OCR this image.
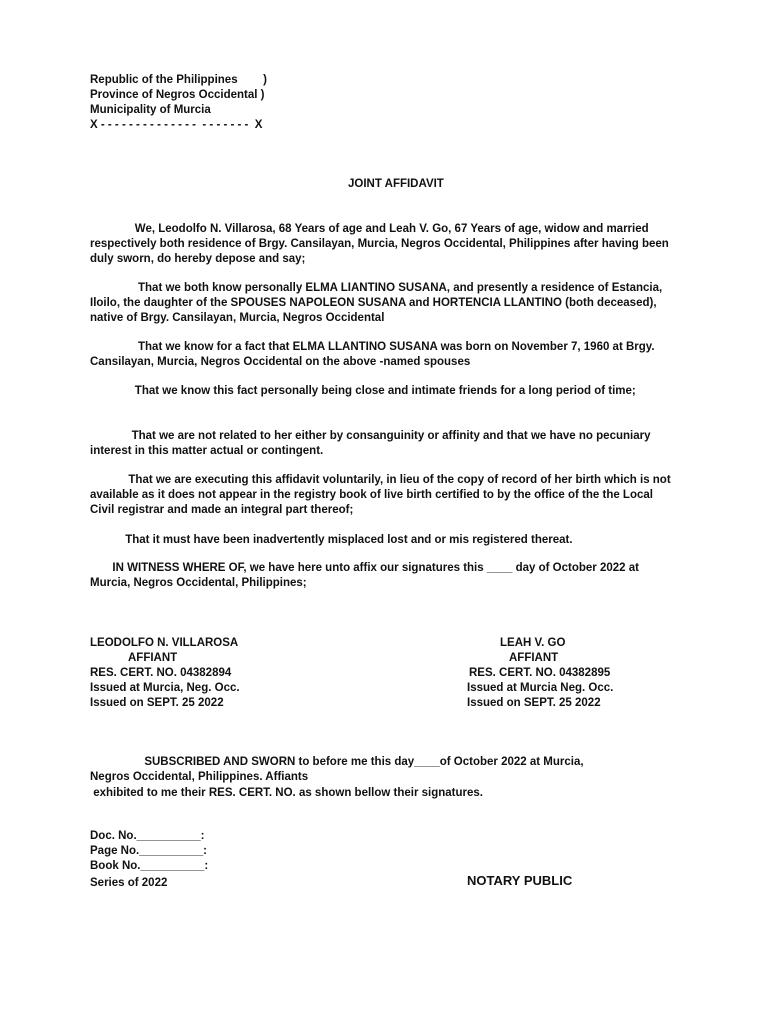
Republic of the Philippines        )
Province of Negros Occidental )
Municipality of Murcia
X - - - - - - - - - - - - - -  - - - - - - -  X
JOINT AFFIDAVIT
We, Leodolfo N. Villarosa, 68 Years of age and Leah V. Go, 67 Years of age, widow and married respectively both residence of Brgy. Cansilayan, Murcia, Negros Occidental, Philippines after having been duly sworn, do hereby depose and say;
That we both know personally ELMA LIANTINO SUSANA, and presently a residence of Estancia, Iloilo, the daughter of the SPOUSES NAPOLEON SUSANA and HORTENCIA LLANTINO (both deceased), native of Brgy. Cansilayan, Murcia, Negros Occidental
That we know for a fact that ELMA LLANTINO SUSANA was born on November 7, 1960 at Brgy. Cansilayan, Murcia, Negros Occidental on the above -named spouses
That we know this fact personally being close and intimate friends for a long period of time;
That we are not related to her either by consanguinity or affinity and that we have no pecuniary interest in this matter actual or contingent.
That we are executing this affidavit voluntarily, in lieu of the copy of record of her birth which is not available as it does not appear in the registry book of live birth certified to by the office of the the Local Civil registrar and made an integral part thereof;
That it must have been inadvertently misplaced lost and or mis registered thereat.
IN WITNESS WHERE OF, we have here unto affix our signatures this ____ day of October 2022 at Murcia, Negros Occidental, Philippines;
LEODOLFO N. VILLAROSA
AFFIANT
RES. CERT. NO. 04382894
Issued at Murcia, Neg. Occ.
Issued on SEPT. 25 2022
LEAH V. GO
AFFIANT
RES. CERT. NO. 04382895
Issued at Murcia Neg. Occ.
Issued on SEPT. 25 2022
SUBSCRIBED AND SWORN to before me this day____of October 2022 at Murcia,
Negros Occidental, Philippines. Affiants
exhibited to me their RES. CERT. NO. as shown bellow their signatures.
Doc. No.__________:
Page No.__________:
Book No.__________:
Series of 2022	NOTARY PUBLIC
